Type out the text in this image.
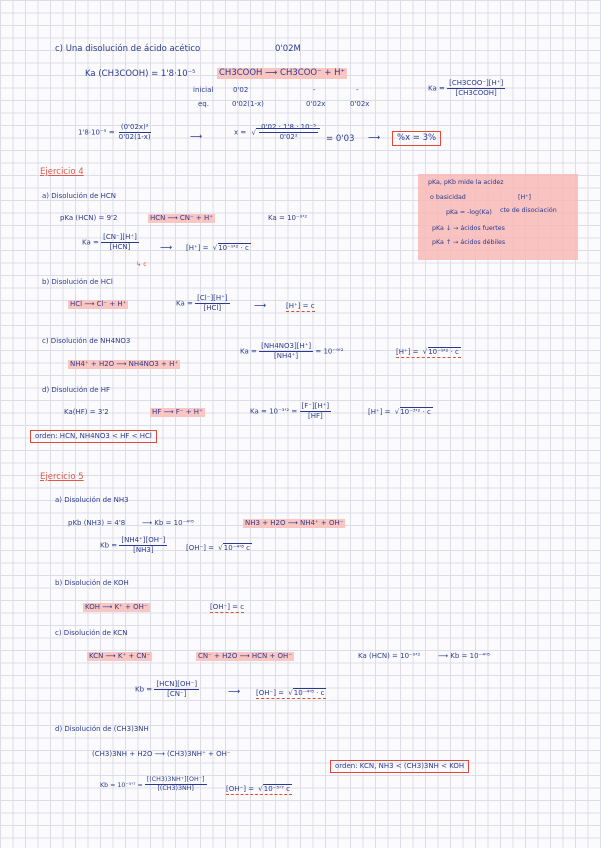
c) Una disolución de ácido acético	0'02M
Ka (CH3COOH) = 1'8·10⁻⁵	CH3COOH ⟶ CH3COO⁻ + H⁺
inicial	0'02	-	-
eq.	0'02(1-x)	0'02x	0'02x
$Ka = \frac{\text{[CH3COO⁻][H⁺]}}{\text{[CH3COOH]}}$
$1'8\cdot 10^{-5} = \frac{\text{(0'02x)²}}{0'02(1-x)}$	⟶	x = √ $\frac{\text{0'02 · 1'8 · 10⁻⁵}}{\text{0'02²}} = 0'03$ ⟶	%x = 3%
pKa, pKb mide la acidez
o basicidad	[H⁺]
cte de disociación
pKa = -log(Ka)
pKa ↓ → ácidos fuertes
pKa ↑ → ácidos débiles
Ejercicio 4
a) Disolución de HCN
pKa (HCN) = 9'2	HCN ⟶ CN⁻ + H⁺	Ka = 10⁻⁹'²
$Ka = \frac{[CN^-][H^+]}{\text{[HCN]}}$
↳ c
⟶ [H⁺] = √ 10⁻⁹'² · c
b) Disolución de HCl
HCl ⟶ Cl⁻ + H⁺	$Ka = \frac{[Cl^-][H^+]}{\text{[HCl]}}$	⟶	[H⁺] = c
c) Disolución de NH4NO3
NH4⁺ + H2O ⟶ NH4NO3 + H⁺
$Ka = \frac{[NH4NO3][H^+]}{[NH4^+]} = 10^{-9}'^2$	[H⁺] = √ 10⁻⁹'² · c
d) Disolución de HF
Ka(HF) = 3'2	HF ⟶ F⁻ + H⁺	$Ka = 10^{-3}'^2 = \frac{[F^-][H^+]}{[HF]}$	[H⁺] = √ 10⁻³'² · c
orden: HCN, NH4NO3 < HF < HCl
Ejercicio 5
a) Disolución de NH3
pKb (NH3) = 4'8 ⟶ Kb = 10⁻⁴'⁸	NH3 + H2O ⟶ NH4⁺ + OH⁻
$Kb = \frac{[NH4^+][OH^-]}{[NH3]}$	[OH⁻] = √ 10⁻⁴'⁸ c
b) Disolución de KOH
KOH ⟶ K⁺ + OH⁻	[OH⁻] = c
c) Disolución de KCN
KCN ⟶ K⁺ + CN⁻	CN⁻ + H2O ⟶ HCN + OH⁻	Ka (HCN) = 10⁻⁹'²	⟶ Kb = 10⁻⁴'⁸
$Kb = \frac{\text{[HCN][OH⁻]}}{[CN^-]}$	⟶ [OH⁻] = √ 10⁻⁴'⁸ · c
d) Disolución de (CH3)3NH
(CH3)3NH + H2O ⟶ (CH3)3NH⁺ + OH⁻
orden: KCN, NH3 < (CH3)3NH < KOH
$Kb = 10^{-5}'^7 = \frac{[(CH3)3NH^+][OH^-]}{[(CH3)3NH]}$	[OH⁻] = √ 10⁻⁵'⁷ c
